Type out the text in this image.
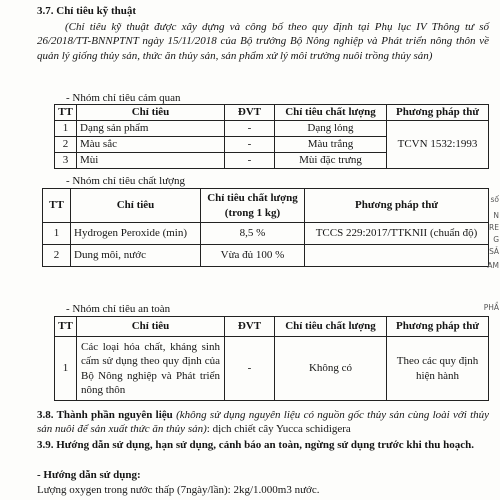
3.7. Chỉ tiêu kỹ thuật
(Chỉ tiêu kỹ thuật được xây dựng và công bố theo quy định tại Phụ lục IV Thông tư số 26/2018/TT-BNNPTNT ngày 15/11/2018 của Bộ trưởng Bộ Nông nghiệp và Phát triển nông thôn về quản lý giống thủy sản, thức ăn thủy sản, sản phẩm xử lý môi trường nuôi trồng thủy sản)
- Nhóm chỉ tiêu cảm quan
TT	Chỉ tiêu	ĐVT	Chỉ tiêu chất lượng	Phương pháp thử
1	Dạng sản phẩm	-	Dạng lỏng	TCVN 1532:1993
2	Màu sắc	-	Màu trắng	
3	Mùi	-	Mùi đặc trưng	
- Nhóm chỉ tiêu chất lượng
TT	Chỉ tiêu	Chỉ tiêu chất lượng (trong 1 kg)	Phương pháp thử
1	Hydrogen Peroxide (min)	8,5 %	TCCS 229:2017/TTKNII (chuẩn độ)
2	Dung môi, nước	Vừa đủ 100 %	
- Nhóm chỉ tiêu an toàn
TT	Chỉ tiêu	ĐVT	Chỉ tiêu chất lượng	Phương pháp thử
1	Các loại hóa chất, kháng sinh cấm sử dụng theo quy định của Bộ Nông nghiệp và Phát triển nông thôn	-	Không có	Theo các quy định hiện hành
3.8. Thành phần nguyên liệu (không sử dụng nguyên liệu có nguồn gốc thủy sản cùng loài với thủy sản nuôi để sản xuất thức ăn thủy sản): dịch chiết cây Yucca schidigera
3.9. Hướng dẫn sử dụng, hạn sử dụng, cảnh báo an toàn, ngừng sử dụng trước khi thu hoạch.
- Hướng dẫn sử dụng:
Lượng oxygen trong nước thấp (7ngày/lần): 2kg/1.000m3 nước.
số
N
RE
G
SẢ
AM
PHẦ
